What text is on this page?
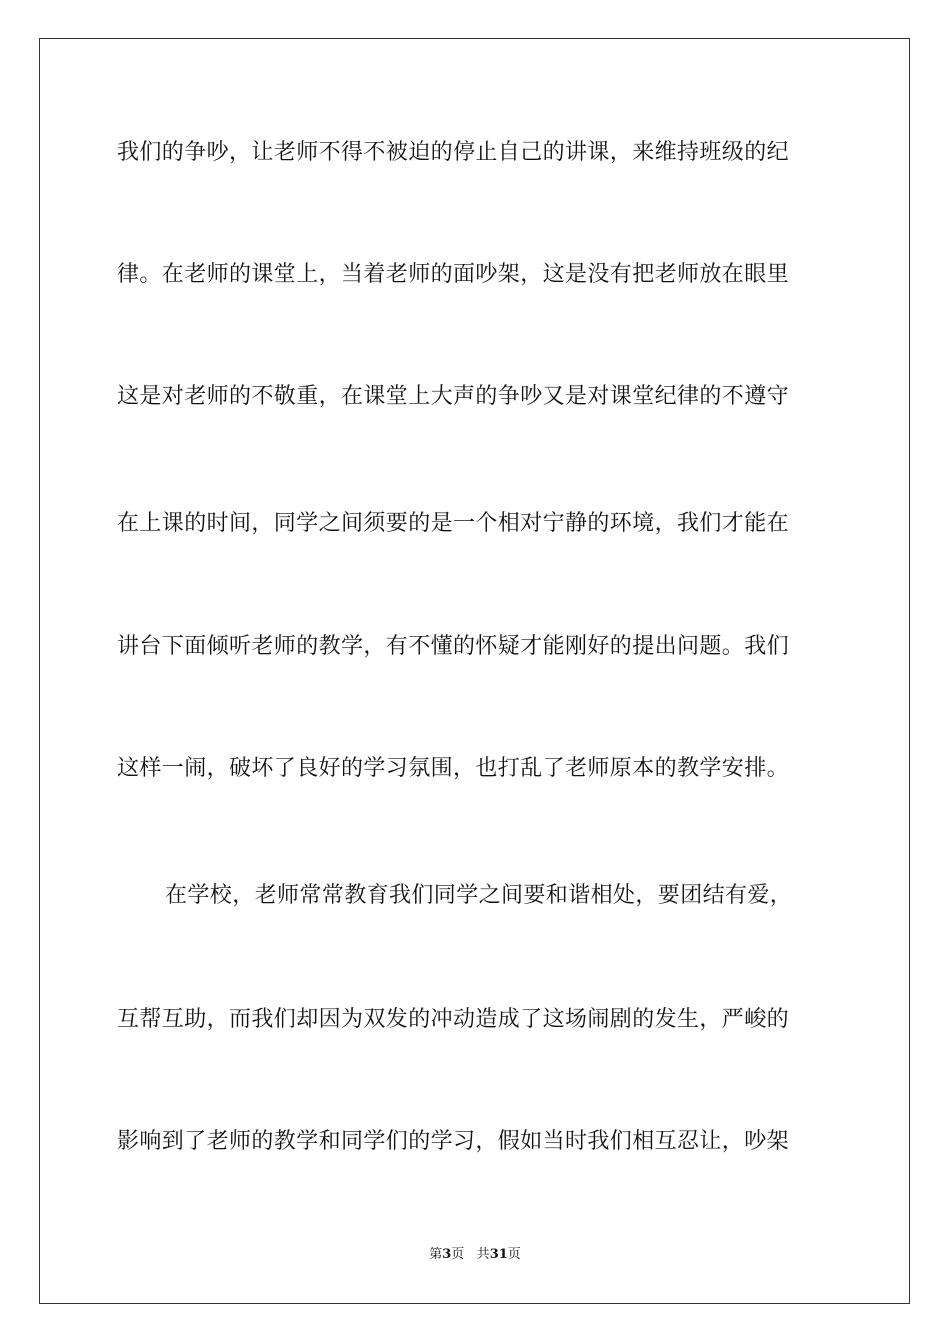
我们的争吵，让老师不得不被迫的停止自己的讲课，来维持班级的纪
律。在老师的课堂上，当着老师的面吵架，这是没有把老师放在眼里
这是对老师的不敬重，在课堂上大声的争吵又是对课堂纪律的不遵守
在上课的时间，同学之间须要的是一个相对宁静的环境，我们才能在
讲台下面倾听老师的教学，有不懂的怀疑才能刚好的提出问题。我们
这样一闹，破坏了良好的学习氛围，也打乱了老师原本的教学安排。
在学校，老师常常教育我们同学之间要和谐相处，要团结有爱，
互帮互助，而我们却因为双发的冲动造成了这场闹剧的发生，严峻的
影响到了老师的教学和同学们的学习，假如当时我们相互忍让，吵架
第3页 共31页
